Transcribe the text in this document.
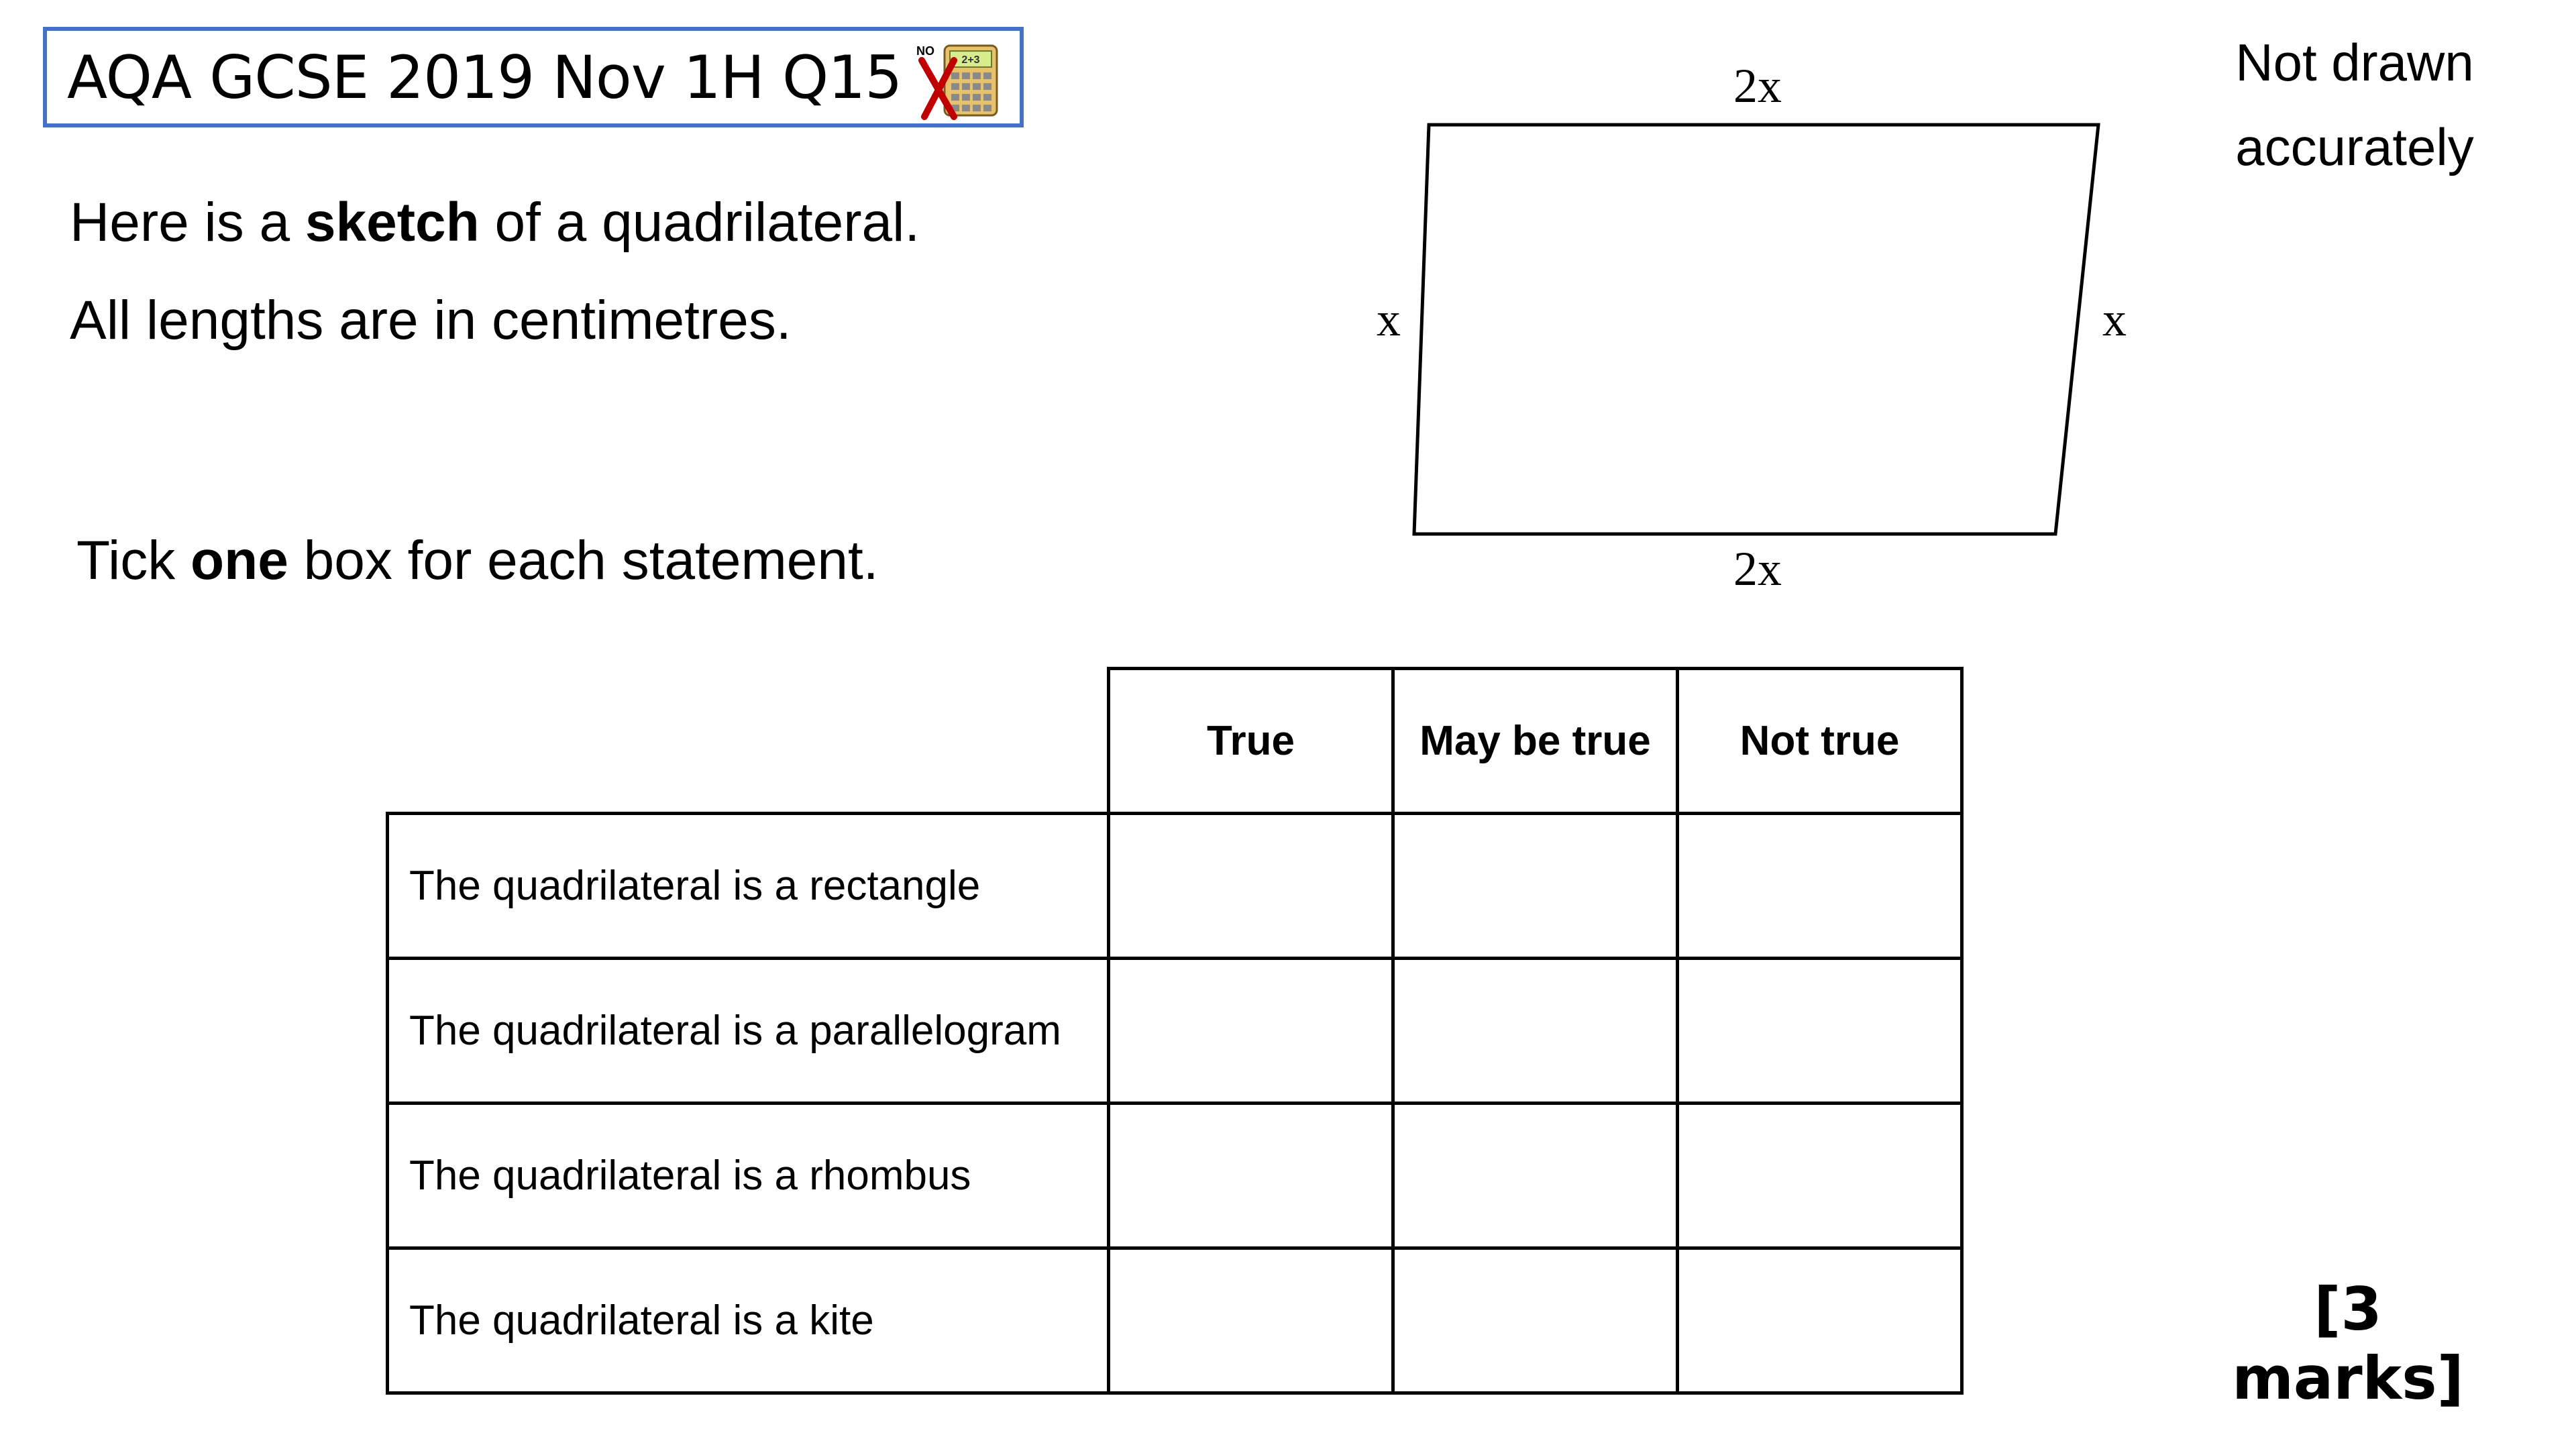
AQA GCSE 2019 Nov 1H Q15	2+3
NO
Here is a sketch of a quadrilateral.
All lengths are in centimetres.
Tick one box for each statement.
Not drawn
accurately
2x
2x
x	x
	True	May be true	Not true
The quadrilateral is a rectangle			
The quadrilateral is a parallelogram			
The quadrilateral is a rhombus			
The quadrilateral is a kite				[3 marks]
